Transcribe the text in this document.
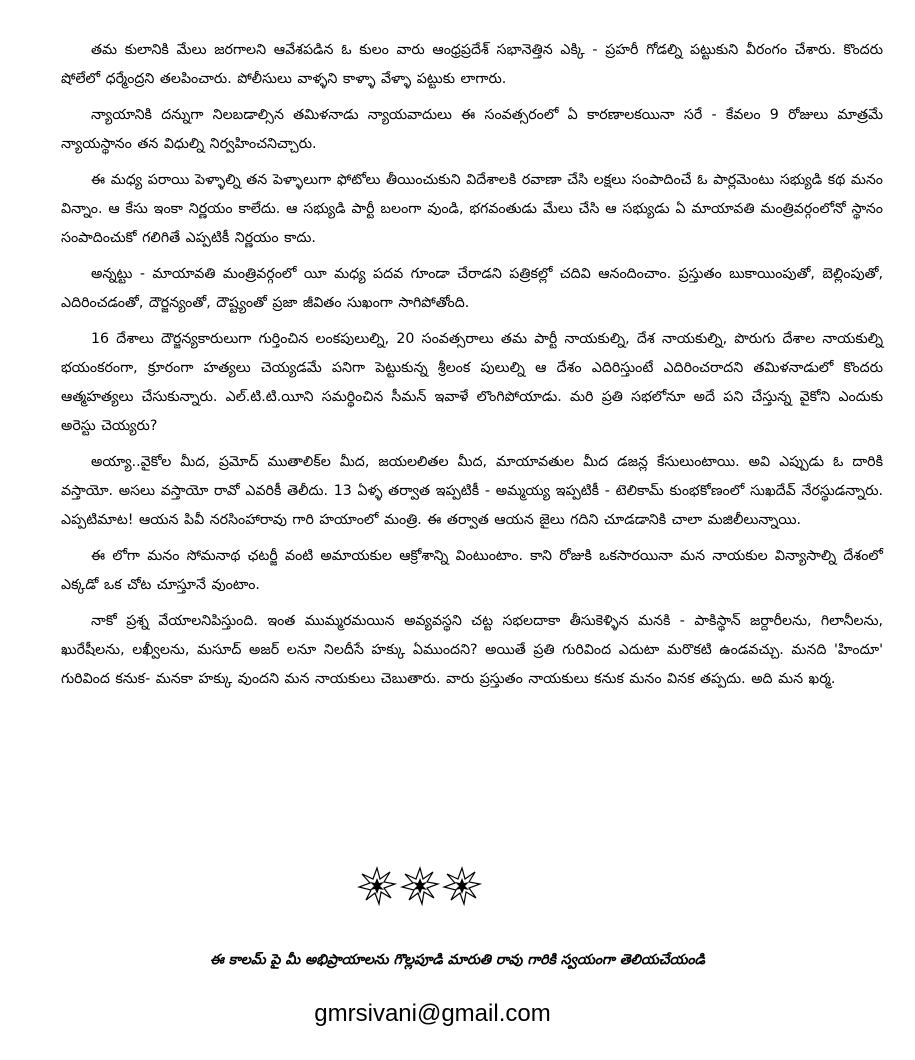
తమ కులానికి మేలు జరగాలని ఆవేశపడిన ఓ కులం వారు ఆంధ్రప్రదేశ్ సభానెత్తిన ఎక్కి - ప్రహరీ గోడల్ని పట్టుకుని వీరంగం చేశారు. కొందరు షోలేలో ధర్మేంద్రని తలపించారు. పోలీసులు వాళ్ళని కాళ్ళా వేళ్ళా పట్టుకు లాగారు.

న్యాయానికి దన్నుగా నిలబడాల్సిన తమిళనాడు న్యాయవాదులు ఈ సంవత్సరంలో ఏ కారణాలకయినా సరే - కేవలం 9 రోజులు మాత్రమే న్యాయస్థానం తన విధుల్ని నిర్వహించనిచ్చారు.

ఈ మధ్య పరాయి పెళ్ళాల్ని తన పెళ్ళాలుగా ఫోటోలు తీయించుకుని విదేశాలకి రవాణా చేసి లక్షలు సంపాదించే ఓ పార్లమెంటు సభ్యుడి కథ మనం విన్నాం. ఆ కేసు ఇంకా నిర్ణయం కాలేదు. ఆ సభ్యుడి పార్టీ బలంగా వుండి, భగవంతుడు మేలు చేసి ఆ సభ్యుడు ఏ మాయావతి మంత్రివర్గంలోనో స్థానం సంపాదించుకో గలిగితే ఎప్పటికీ నిర్ణయం కాదు.

అన్నట్టు - మాయావతి మంత్రివర్గంలో యీ మధ్య పదవ గూండా చేరాడని పత్రికల్లో చదివి ఆనందించాం. ప్రస్తుతం బుకాయింపుతో, బెల్లింపుతో, ఎదిరించడంతో, దౌర్జన్యంతో, దౌష్ట్యంతో ప్రజా జీవితం సుఖంగా సాగిపోతోంది.

16 దేశాలు దౌర్జన్యకారులుగా గుర్తించిన లంకపులుల్ని, 20 సంవత్సరాలు తమ పార్టీ నాయకుల్ని, దేశ నాయకుల్ని, పొరుగు దేశాల నాయకుల్ని భయంకరంగా, క్రూరంగా హత్యలు చెయ్యడమే పనిగా పెట్టుకున్న శ్రీలంక పులుల్ని ఆ దేశం ఎదిరిస్తుంటే ఎదిరించరాదని తమిళనాడులో కొందరు ఆత్మహత్యలు చేసుకున్నారు. ఎల్.టి.టి.యీని సమర్థించిన సీమన్ ఇవాళే లొంగిపోయాడు. మరి ప్రతి సభలోనూ అదే పని చేస్తున్న వైకోని ఎందుకు అరెస్టు చెయ్యరు?

అయ్యా..వైకోల మీద, ప్రమోద్ ముతాలిక్‌ల మీద, జయలలితల మీద, మాయావతుల మీద డజన్ల కేసులుంటాయి. అవి ఎప్పుడు ఓ దారికి వస్తాయో. అసలు వస్తాయో రావో ఎవరికీ తెలీదు. 13 ఏళ్ళ తర్వాత ఇప్పటికీ - అమ్మయ్య ఇప్పటికీ - టెలికామ్ కుంభకోణంలో సుఖదేవ్ నేరస్థుడన్నారు. ఎప్పటిమాట! ఆయన పివీ నరసింహారావు గారి హయాంలో మంత్రి. ఈ తర్వాత ఆయన జైలు గదిని చూడడానికి చాలా మజిలీలున్నాయి.

ఈ లోగా మనం సోమనాథ ఛటర్జీ వంటి అమాయకుల ఆక్రోశాన్ని వింటుంటాం. కాని రోజుకి ఒకసారయినా మన నాయకుల విన్యాసాల్ని దేశంలో ఎక్కడో ఒక చోట చూస్తూనే వుంటాం.

నాకో ప్రశ్న వేయాలనిపిస్తుంది. ఇంత ముమ్మరమయిన అవ్యవస్థని చట్ట సభలదాకా తీసుకెళ్ళిన మనకి - పాకిస్థాన్ జర్దారీలను, గిలానీలను, ఖురేషీలను, లఖ్వీలను, మసూద్ అజర్ లనూ నిలదీసే హక్కు ఏముందని? అయితే ప్రతి గురివింద ఎదుటా మరొకటి ఉండవచ్చు. మనది 'హిందూ' గురివింద కనుక- మనకా హక్కు వుందని మన నాయకులు చెబుతారు. వారు ప్రస్తుతం నాయకులు కనుక మనం వినక తప్పదు. అది మన ఖర్మ.

ఈ కాలమ్ పై మీ అభిప్రాయాలను గొల్లపూడి మారుతి రావు గారికి స్వయంగా తెలియచేయండి
gmrsivani@gmail.com
